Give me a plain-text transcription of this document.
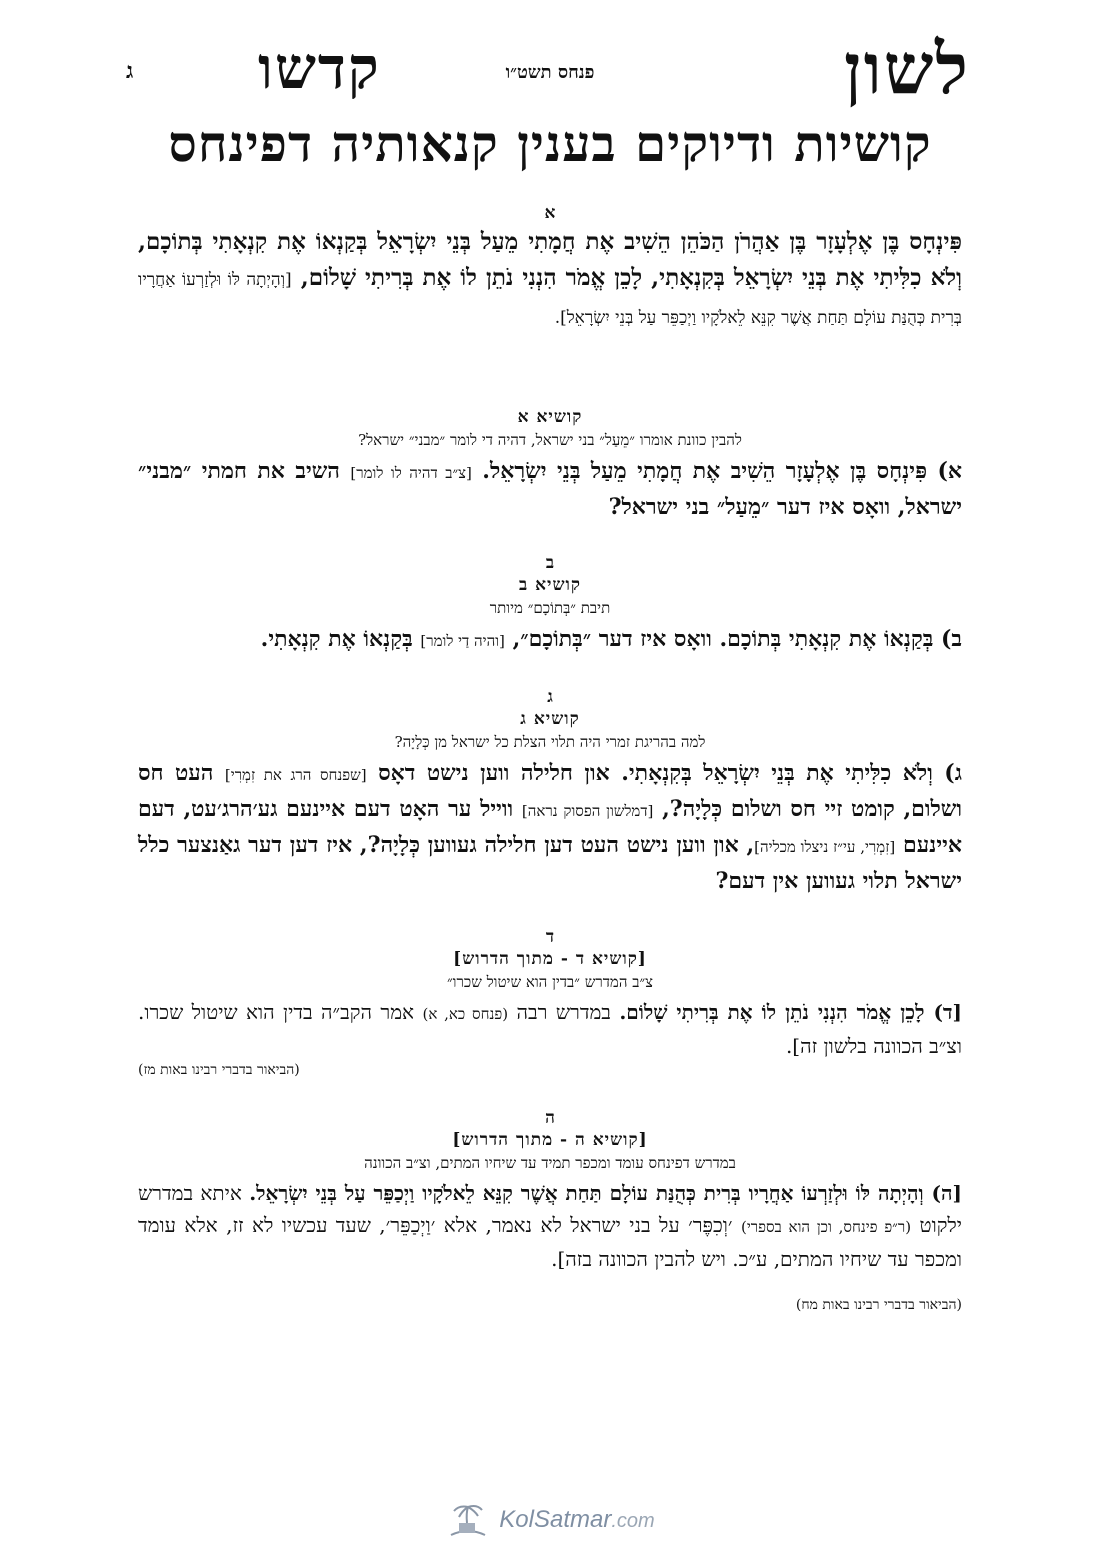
לשון
פנחס תשט״ו
קדשו
ג
קושיות ודיוקים בענין קנאותיה דפינחס
א

פִּינְחָס בֶּן אֶלְעָזָר בֶּן אַהֲרֹן הַכֹּהֵן הֵשִׁיב אֶת חֲמָתִי מֵעַל בְּנֵי יִשְׂרָאֵל בְּקַנְאוֹ אֶת קִנְאָתִי בְּתוֹכָם, וְלֹא כִלִּיתִי אֶת בְּנֵי יִשְׂרָאֵל בְּקִנְאָתִי, לָכֵן אֱמֹר הִנְנִי נֹתֵן לוֹ אֶת בְּרִיתִי שָׁלוֹם, [וְהָיְתָה לּוֹ וּלְזַרְעוֹ אַחֲרָיו בְּרִית כְּהֻנַּת עוֹלָם תַּחַת אֲשֶׁר קִנֵּא לֵאלֹקָיו וַיְכַפֵּר עַל בְּנֵי יִשְׂרָאֵל].

קושיא א
להבין כוונת אומרו ״מֵעַל״ בני ישראל, דהיה די לומר ״מבני״ ישראל?

א) פִּינְחָס בֶּן אֶלְעָזָר הֵשִׁיב אֶת חֲמָתִי מֵעַל בְּנֵי יִשְׂרָאֵל. [צ״ב דהיה לו לומר] השיב את חמתי ״מבני״ ישראל, וואָס איז דער ״מֵעַל״ בני ישראל?

ב
קושיא ב
תיבת ״בְּתוֹכָם״ מיותר

ב) בְּקַנְאוֹ אֶת קִנְאָתִי בְּתוֹכָם. וואָס איז דער ״בְּתוֹכָם״, [והיה דַי לומר] בְּקַנְאוֹ אֶת קִנְאָתִי.

ג
קושיא ג
למה בהריגת זמרי היה תלוי הצלת כל ישראל מן כְּלָיָה?

ג) וְלֹא כִלִּיתִי אֶת בְּנֵי יִשְׂרָאֵל בְּקִנְאָתִי. און חלילה ווען נישט דאָס [שפנחס הרג את זִמְרִי] העט חס ושלום, קומט זיי חס ושלום כְּלָיָה?, [דמלשון הפסוק נראה] ווייל ער האָט דעם איינעם גע׳הרג׳עט, דעם איינעם [זִמְרִי, עי״ז ניצלו מכליה], און ווען נישט העט דען חלילה געווען כְּלָיָה?, איז דען דער גאַנצער כלל ישראל תלוי געווען אין דעם?

ד
[קושיא ד - מתוך הדרוש]
צ״ב המדרש ״בדין הוא שיטול שכרו״

[ד) לָכֵן אֱמֹר הִנְנִי נֹתֵן לוֹ אֶת בְּרִיתִי שָׁלוֹם. במדרש רבה (פנחס כא, א) אמר הקב״ה בדין הוא שיטול שכרו. וצ״ב הכוונה בלשון זה].

(הביאור בדברי רבינו באות מז)
ה
[קושיא ה - מתוך הדרוש]
במדרש דפינחס עומד ומכפר תמיד עד שיחיו המתים, וצ״ב הכוונה

[ה) וְהָיְתָה לּוֹ וּלְזַרְעוֹ אַחֲרָיו בְּרִית כְּהֻנַּת עוֹלָם תַּחַת אֲשֶׁר קִנֵּא לֵאלֹקָיו וַיְכַפֵּר עַל בְּנֵי יִשְׂרָאֵל. איתא במדרש ילקוט (ר״פ פינחס, וכן הוא בספרי) ׳וְכִפֶּר׳ על בני ישראל לא נאמר, אלא ׳וַיְכַפֵּר׳, שעד עכשיו לא זז, אלא עומד ומכפר עד שיחיו המתים, ע״כ. ויש להבין הכוונה בזה].

(הביאור בדברי רבינו באות מח)
KolSatmar.com
